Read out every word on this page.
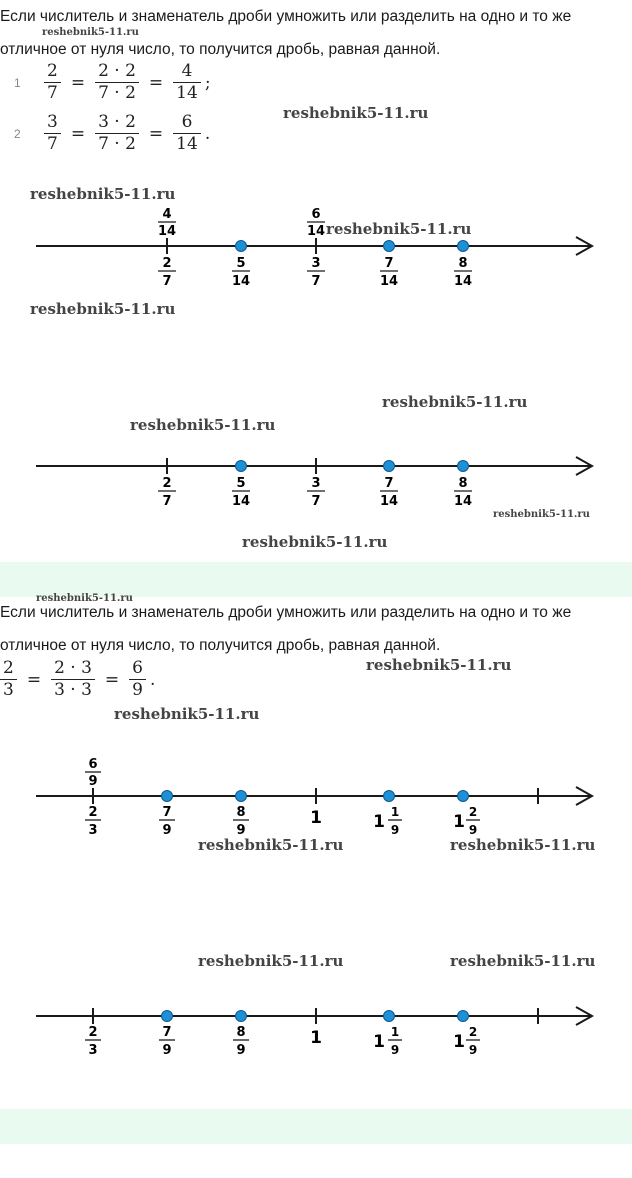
Если числитель и знаменатель дроби умножить или разделить на одно и то же
reshebnik5-11.ru
отличное от нуля число, то получится дробь, равная данной.
1	$\frac{2}{7} = \frac{2 \cdot 2}{7 \cdot 2} = \frac{4}{14}$ ;
2	$\frac{3}{7} = \frac{3 \cdot 2}{7 \cdot 2} = \frac{6}{14}$ .
reshebnik5-11.ru
reshebnik5-11.ru
4
14
6
14
2
7
5
14
3
7
7
14
8
14
reshebnik5-11.ru
reshebnik5-11.ru
reshebnik5-11.ru
reshebnik5-11.ru
2
7
5
14
3
7
7
14
8
14
reshebnik5-11.ru
reshebnik5-11.ru
reshebnik5-11.ru
Если числитель и знаменатель дроби умножить или разделить на одно и то же
отличное от нуля число, то получится дробь, равная данной.
$\frac{2}{3} = \frac{2 \cdot 3}{3 \cdot 3} = \frac{6}{9}$ .
reshebnik5-11.ru
reshebnik5-11.ru
6
9
2
3
7
9
8
9
1	1 1
9	1 2
9
reshebnik5-11.ru	reshebnik5-11.ru
reshebnik5-11.ru	reshebnik5-11.ru
2
3
7
9
8
9
1	1 1
9	1 2
9
